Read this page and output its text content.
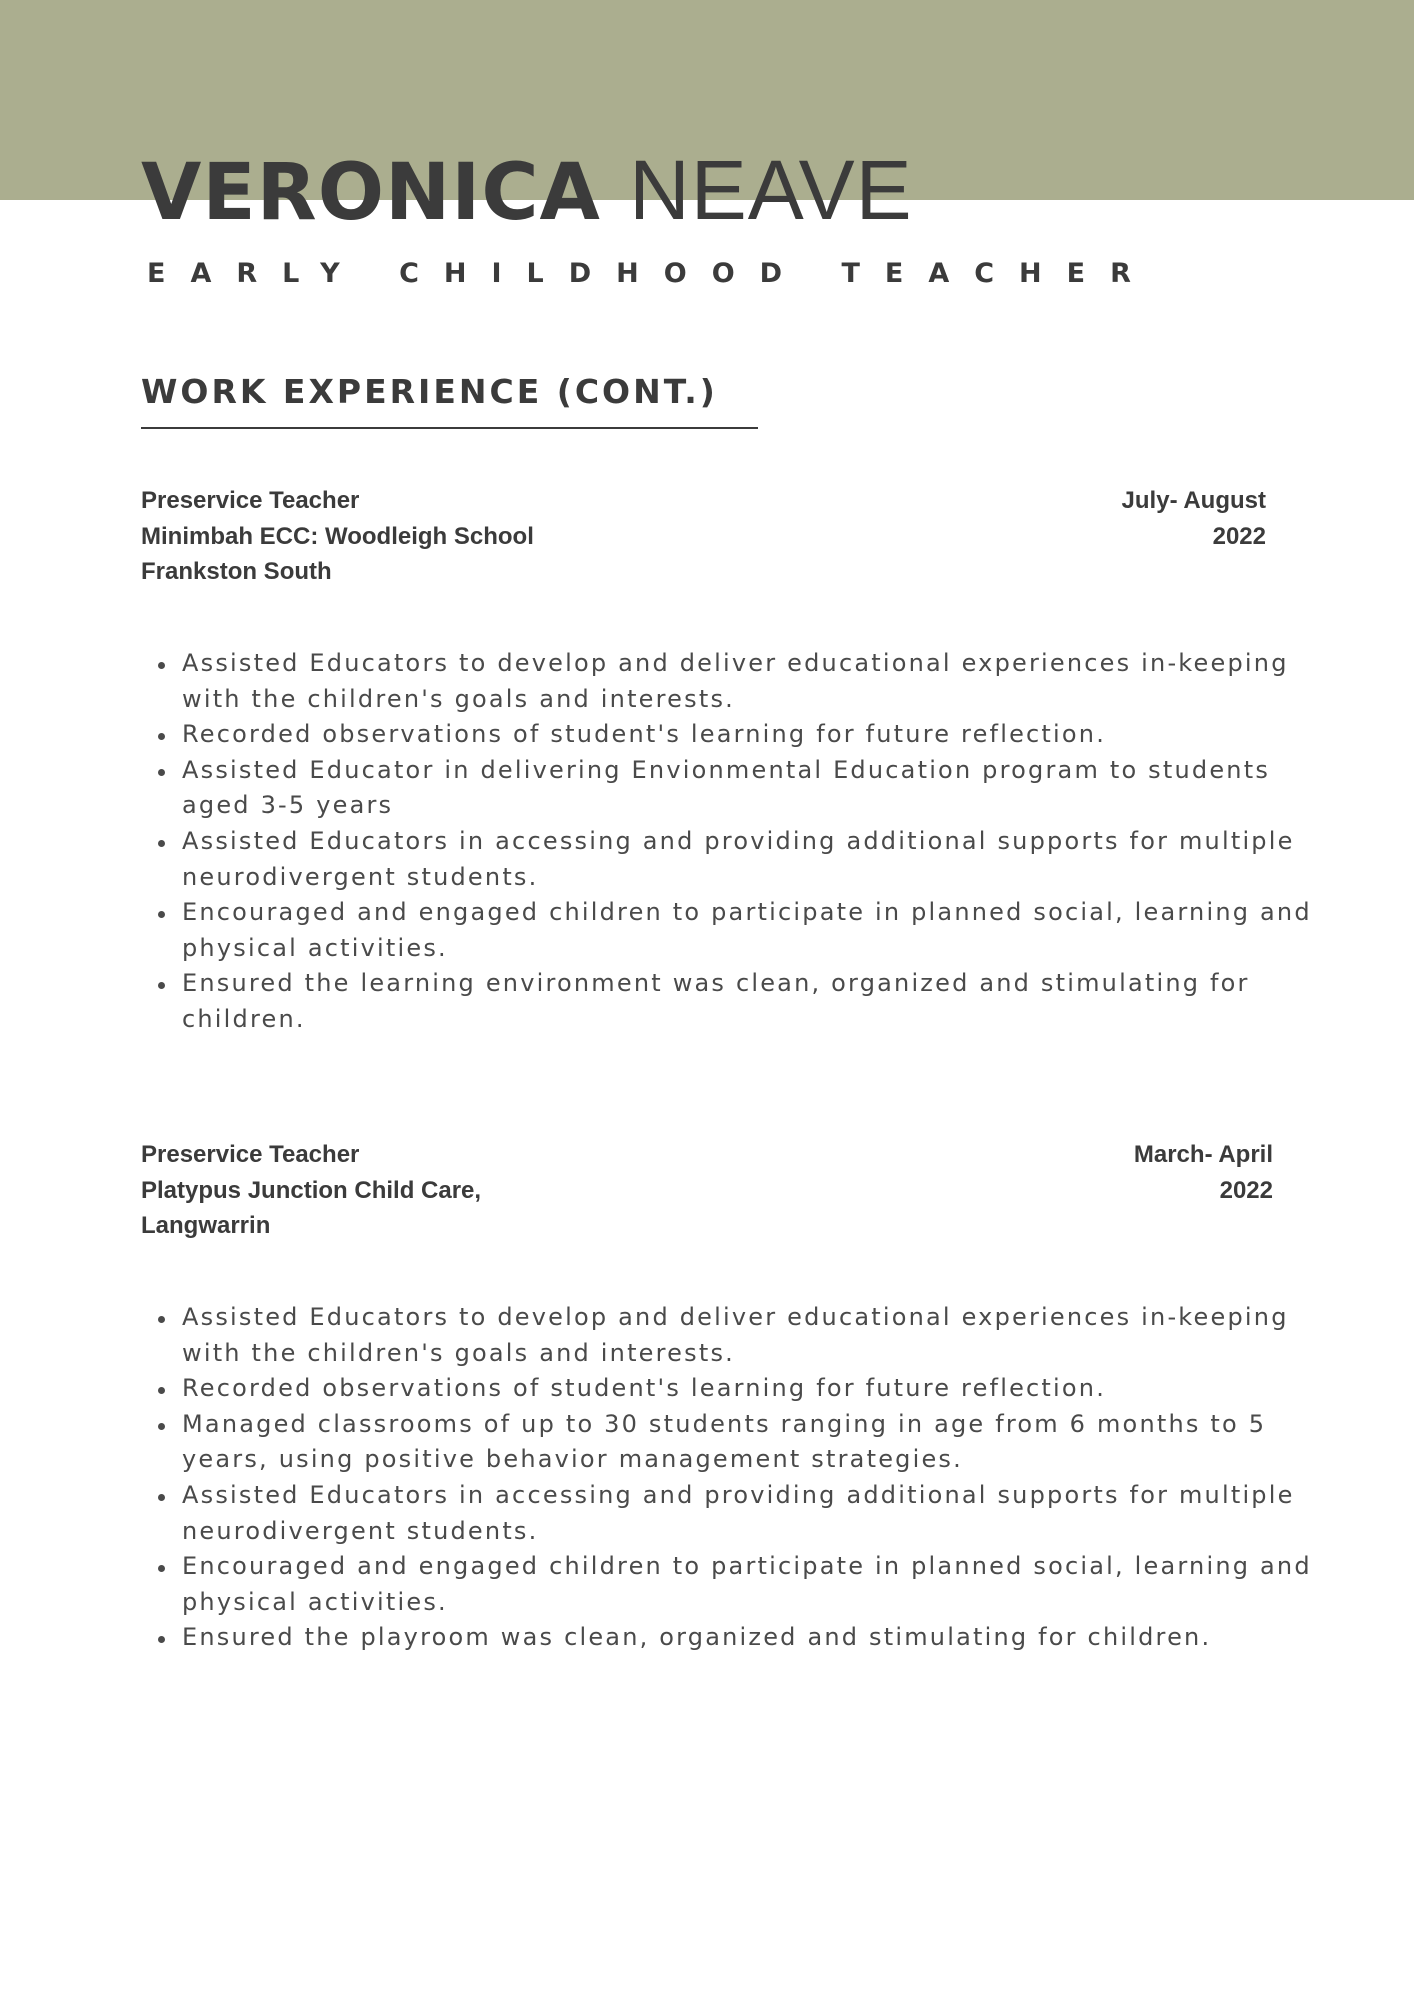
VERONICA NEAVE
EARLY CHILDHOOD TEACHER
WORK EXPERIENCE (CONT.)
Preservice Teacher
Minimbah ECC: Woodleigh School
Frankston South
July- August
2022
Assisted Educators to develop and deliver educational experiences in-keeping with the children's goals and interests.
Recorded observations of student's learning for future reflection.
Assisted Educator in delivering Envionmental Education program to students aged 3-5 years
Assisted Educators in accessing and providing additional supports for multiple neurodivergent students.
Encouraged and engaged children to participate in planned social, learning and physical activities.
Ensured the learning environment was clean, organized and stimulating for children.
Preservice Teacher
Platypus Junction Child Care,
Langwarrin
March- April
2022
Assisted Educators to develop and deliver educational experiences in-keeping with the children's goals and interests.
Recorded observations of student's learning for future reflection.
Managed classrooms of up to 30 students ranging in age from 6 months to 5 years, using positive behavior management strategies.
Assisted Educators in accessing and providing additional supports for multiple neurodivergent students.
Encouraged and engaged children to participate in planned social, learning and physical activities.
Ensured the playroom was clean, organized and stimulating for children.
